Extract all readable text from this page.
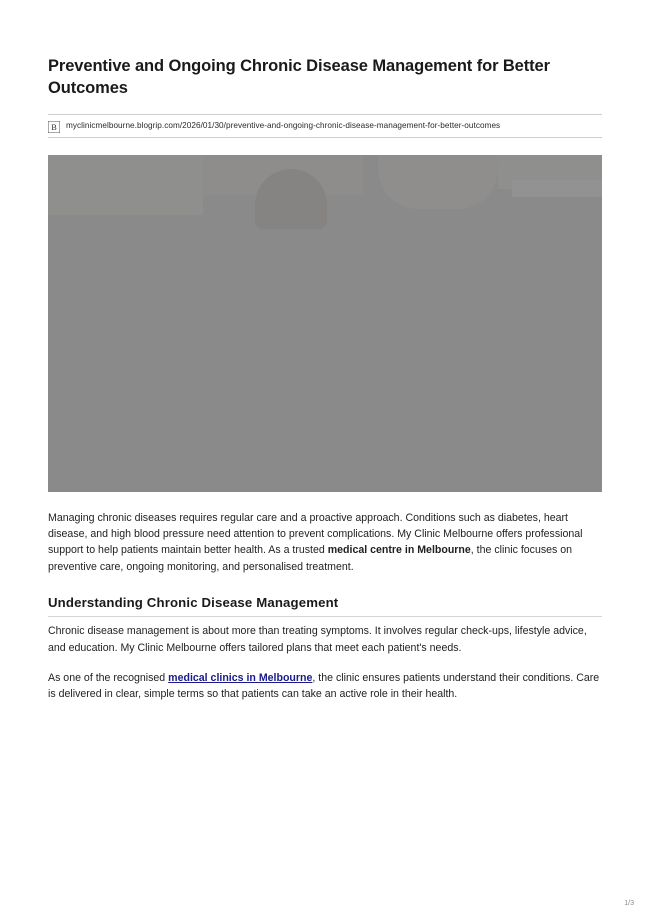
Preventive and Ongoing Chronic Disease Management for Better Outcomes
B myclinicmelbourne.blogrip.com/2026/01/30/preventive-and-ongoing-chronic-disease-management-for-better-outcomes

Managing chronic diseases requires regular care and a proactive approach. Conditions such as diabetes, heart disease, and high blood pressure need attention to prevent complications. My Clinic Melbourne offers professional support to help patients maintain better health. As a trusted medical centre in Melbourne, the clinic focuses on preventive care, ongoing monitoring, and personalised treatment.

Understanding Chronic Disease Management

Chronic disease management is about more than treating symptoms. It involves regular check-ups, lifestyle advice, and education. My Clinic Melbourne offers tailored plans that meet each patient's needs.

As one of the recognised medical clinics in Melbourne, the clinic ensures patients understand their conditions. Care is delivered in clear, simple terms so that patients can take an active role in their health.

1/3
